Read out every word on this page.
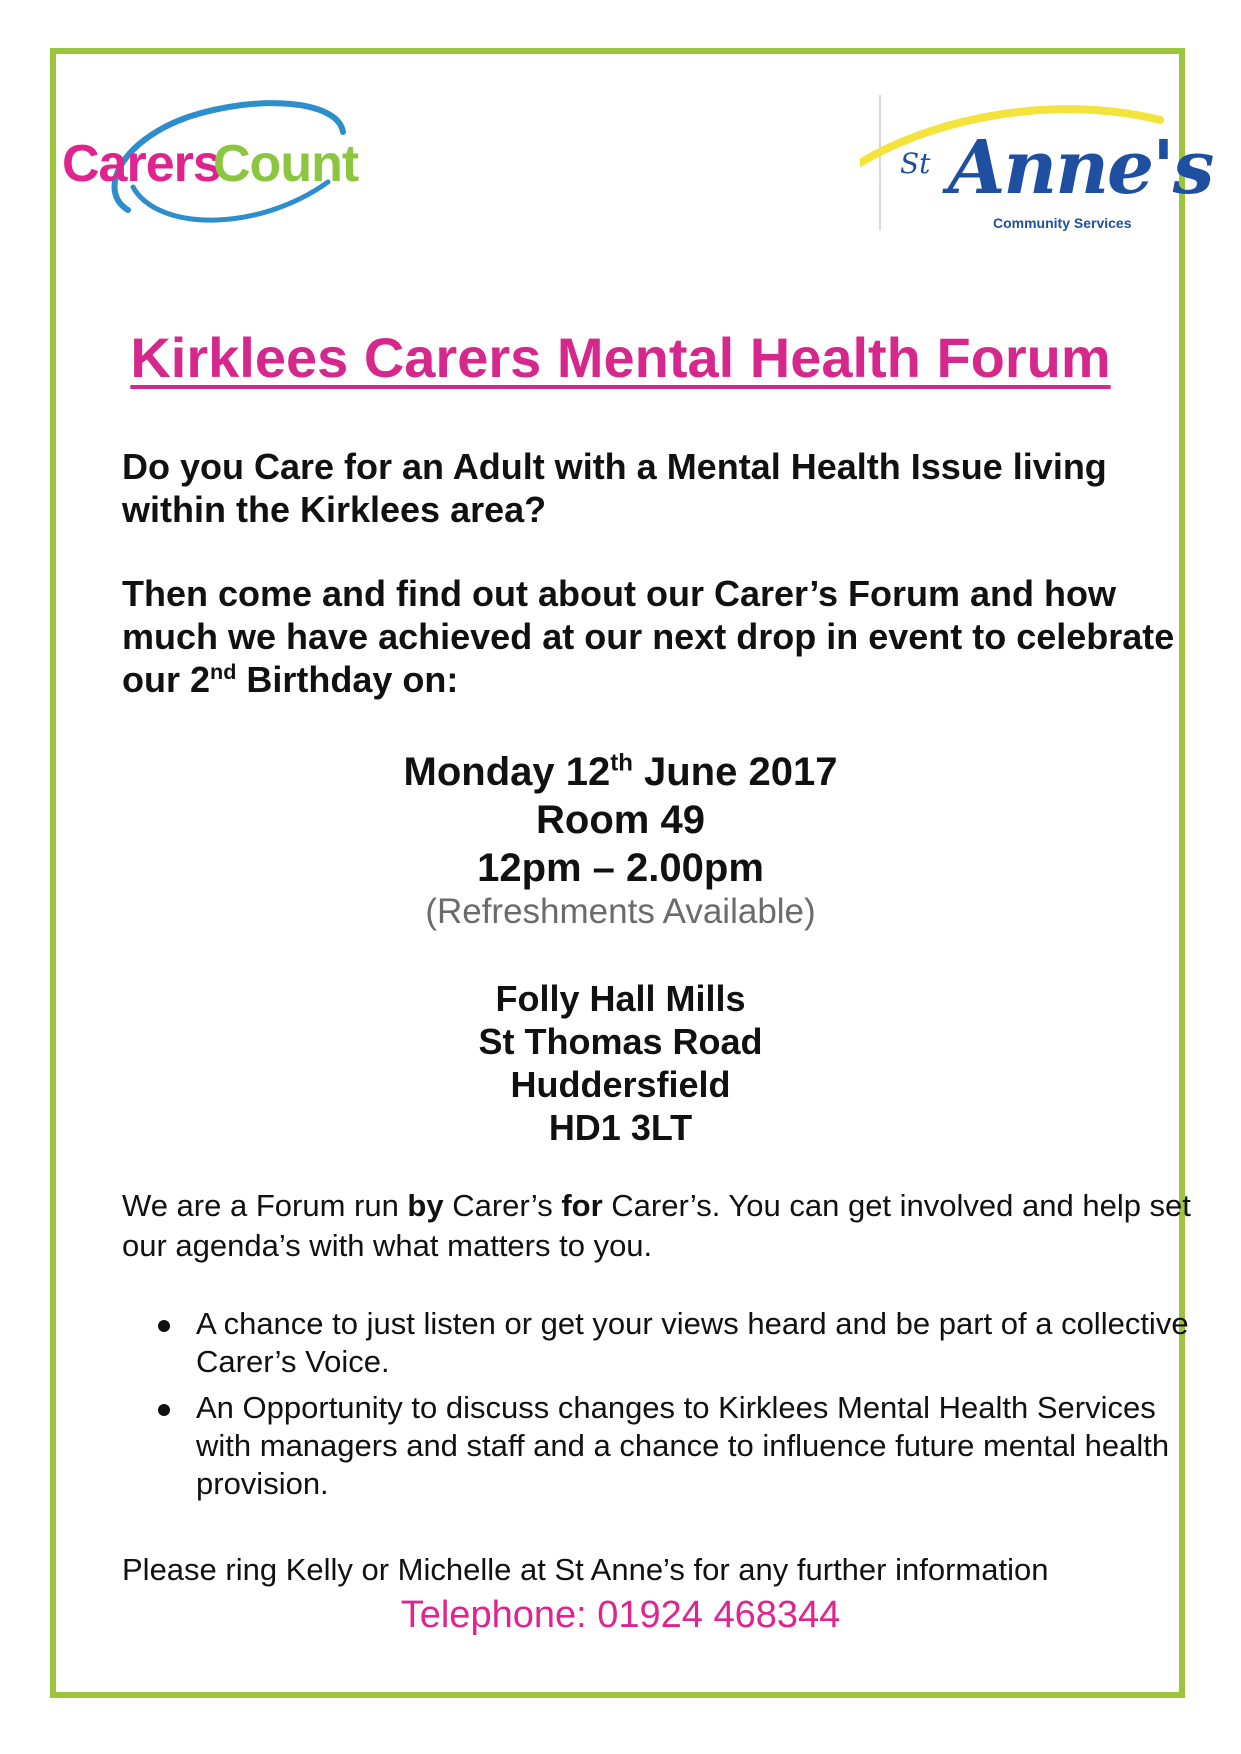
Carers
Count	St Anne's
Community Services
Kirklees Carers Mental Health Forum
Do you Care for an Adult with a Mental Health Issue living within the Kirklees area?
Then come and find out about our Carer’s Forum and how much we have achieved at our next drop in event to celebrate our 2nd Birthday on:
Monday 12th June 2017
Room 49
12pm – 2.00pm
(Refreshments Available)
Folly Hall Mills
St Thomas Road
Huddersfield
HD1 3LT
We are a Forum run by Carer’s for Carer’s. You can get involved and help set our agenda’s with what matters to you.
A chance to just listen or get your views heard and be part of a collective Carer’s Voice.
An Opportunity to discuss changes to Kirklees Mental Health Services with managers and staff and a chance to influence future mental health provision.
Please ring Kelly or Michelle at St Anne’s for any further information
Telephone: 01924 468344
